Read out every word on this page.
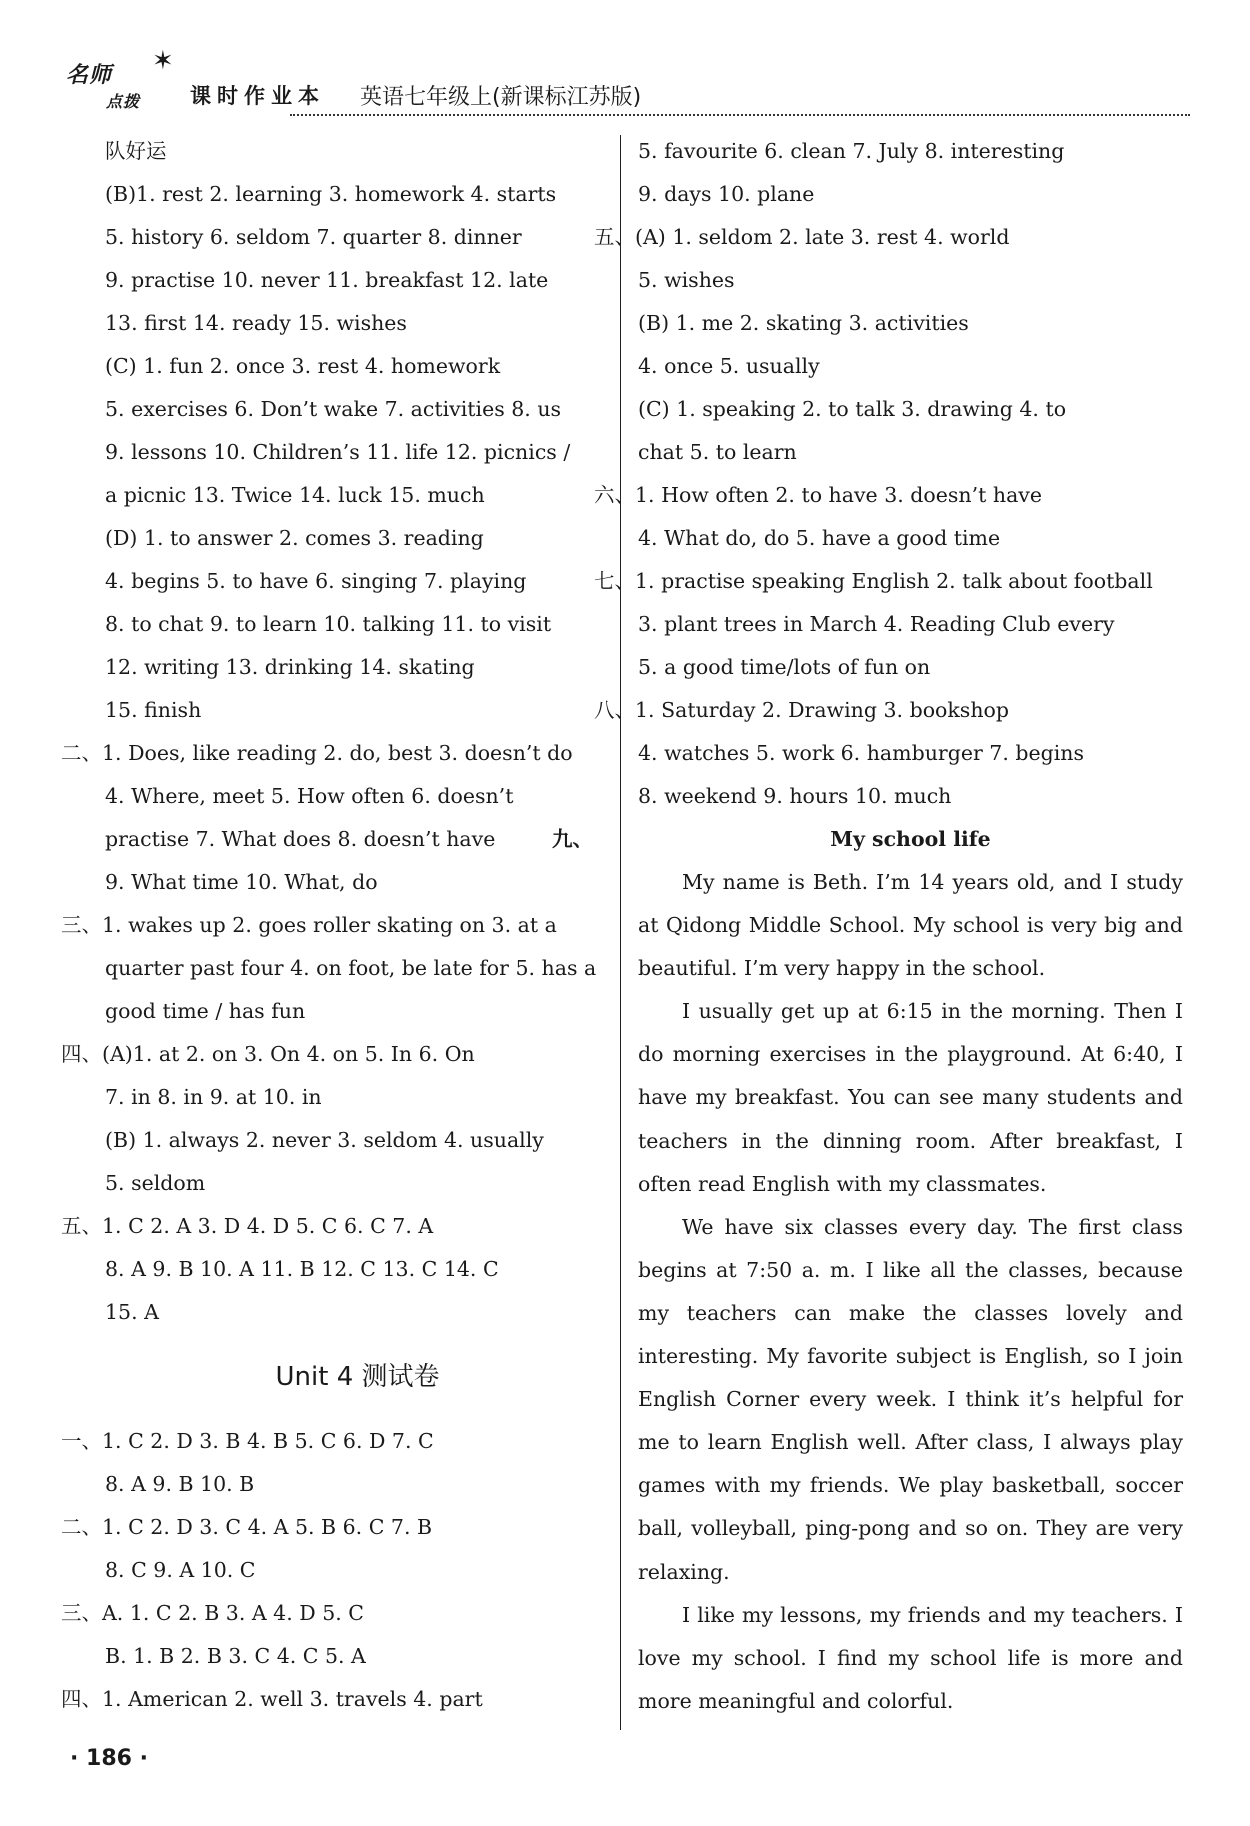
名师
点拨
✶
课时作业本 英语七年级上(新课标江苏版)
队好运
(B)1. rest 2. learning 3. homework 4. starts
5. history 6. seldom 7. quarter 8. dinner
9. practise 10. never 11. breakfast 12. late
13. first 14. ready 15. wishes
(C) 1. fun 2. once 3. rest 4. homework
5. exercises 6. Don’t wake 7. activities 8. us
9. lessons 10. Children’s 11. life 12. picnics /
a picnic 13. Twice 14. luck 15. much
(D) 1. to answer 2. comes 3. reading
4. begins 5. to have 6. singing 7. playing
8. to chat 9. to learn 10. talking 11. to visit
12. writing 13. drinking 14. skating
15. finish
二、1. Does, like reading 2. do, best 3. doesn’t do
4. Where, meet 5. How often 6. doesn’t
practise 7. What does 8. doesn’t have
9. What time 10. What, do
三、1. wakes up 2. goes roller skating on 3. at a
quarter past four 4. on foot, be late for 5. has a
good time / has fun
四、(A)1. at 2. on 3. On 4. on 5. In 6. On
7. in 8. in 9. at 10. in
(B) 1. always 2. never 3. seldom 4. usually
5. seldom
五、1. C 2. A 3. D 4. D 5. C 6. C 7. A
8. A 9. B 10. A 11. B 12. C 13. C 14. C
15. A
Unit 4 测试卷
一、1. C 2. D 3. B 4. B 5. C 6. D 7. C
8. A 9. B 10. B
二、1. C 2. D 3. C 4. A 5. B 6. C 7. B
8. C 9. A 10. C
三、A. 1. C 2. B 3. A 4. D 5. C
B. 1. B 2. B 3. C 4. C 5. A
四、1. American 2. well 3. travels 4. part
5. favourite 6. clean 7. July 8. interesting
9. days 10. plane
五、(A) 1. seldom 2. late 3. rest 4. world
5. wishes
(B) 1. me 2. skating 3. activities
4. once 5. usually
(C) 1. speaking 2. to talk 3. drawing 4. to
chat 5. to learn
六、1. How often 2. to have 3. doesn’t have
4. What do, do 5. have a good time
七、1. practise speaking English 2. talk about football
3. plant trees in March 4. Reading Club every
5. a good time/lots of fun on
八、1. Saturday 2. Drawing 3. bookshop
4. watches 5. work 6. hamburger 7. begins
8. weekend 9. hours 10. much
九、	My school life

My name is Beth. I’m 14 years old, and I study at Qidong Middle School. My school is very big and beautiful. I’m very happy in the school.

I usually get up at 6:15 in the morning. Then I do morning exercises in the playground. At 6:40, I have my breakfast. You can see many students and teachers in the dinning room. After breakfast, I often read English with my classmates.

We have six classes every day. The first class begins at 7:50 a. m. I like all the classes, because my teachers can make the classes lovely and interesting. My favorite subject is English, so I join English Corner every week. I think it’s helpful for me to learn English well. After class, I always play games with my friends. We play basketball, soccer ball, volleyball, ping-pong and so on. They are very relaxing.

I like my lessons, my friends and my teachers. I love my school. I find my school life is more and more meaningful and colorful.

· 186 ·
